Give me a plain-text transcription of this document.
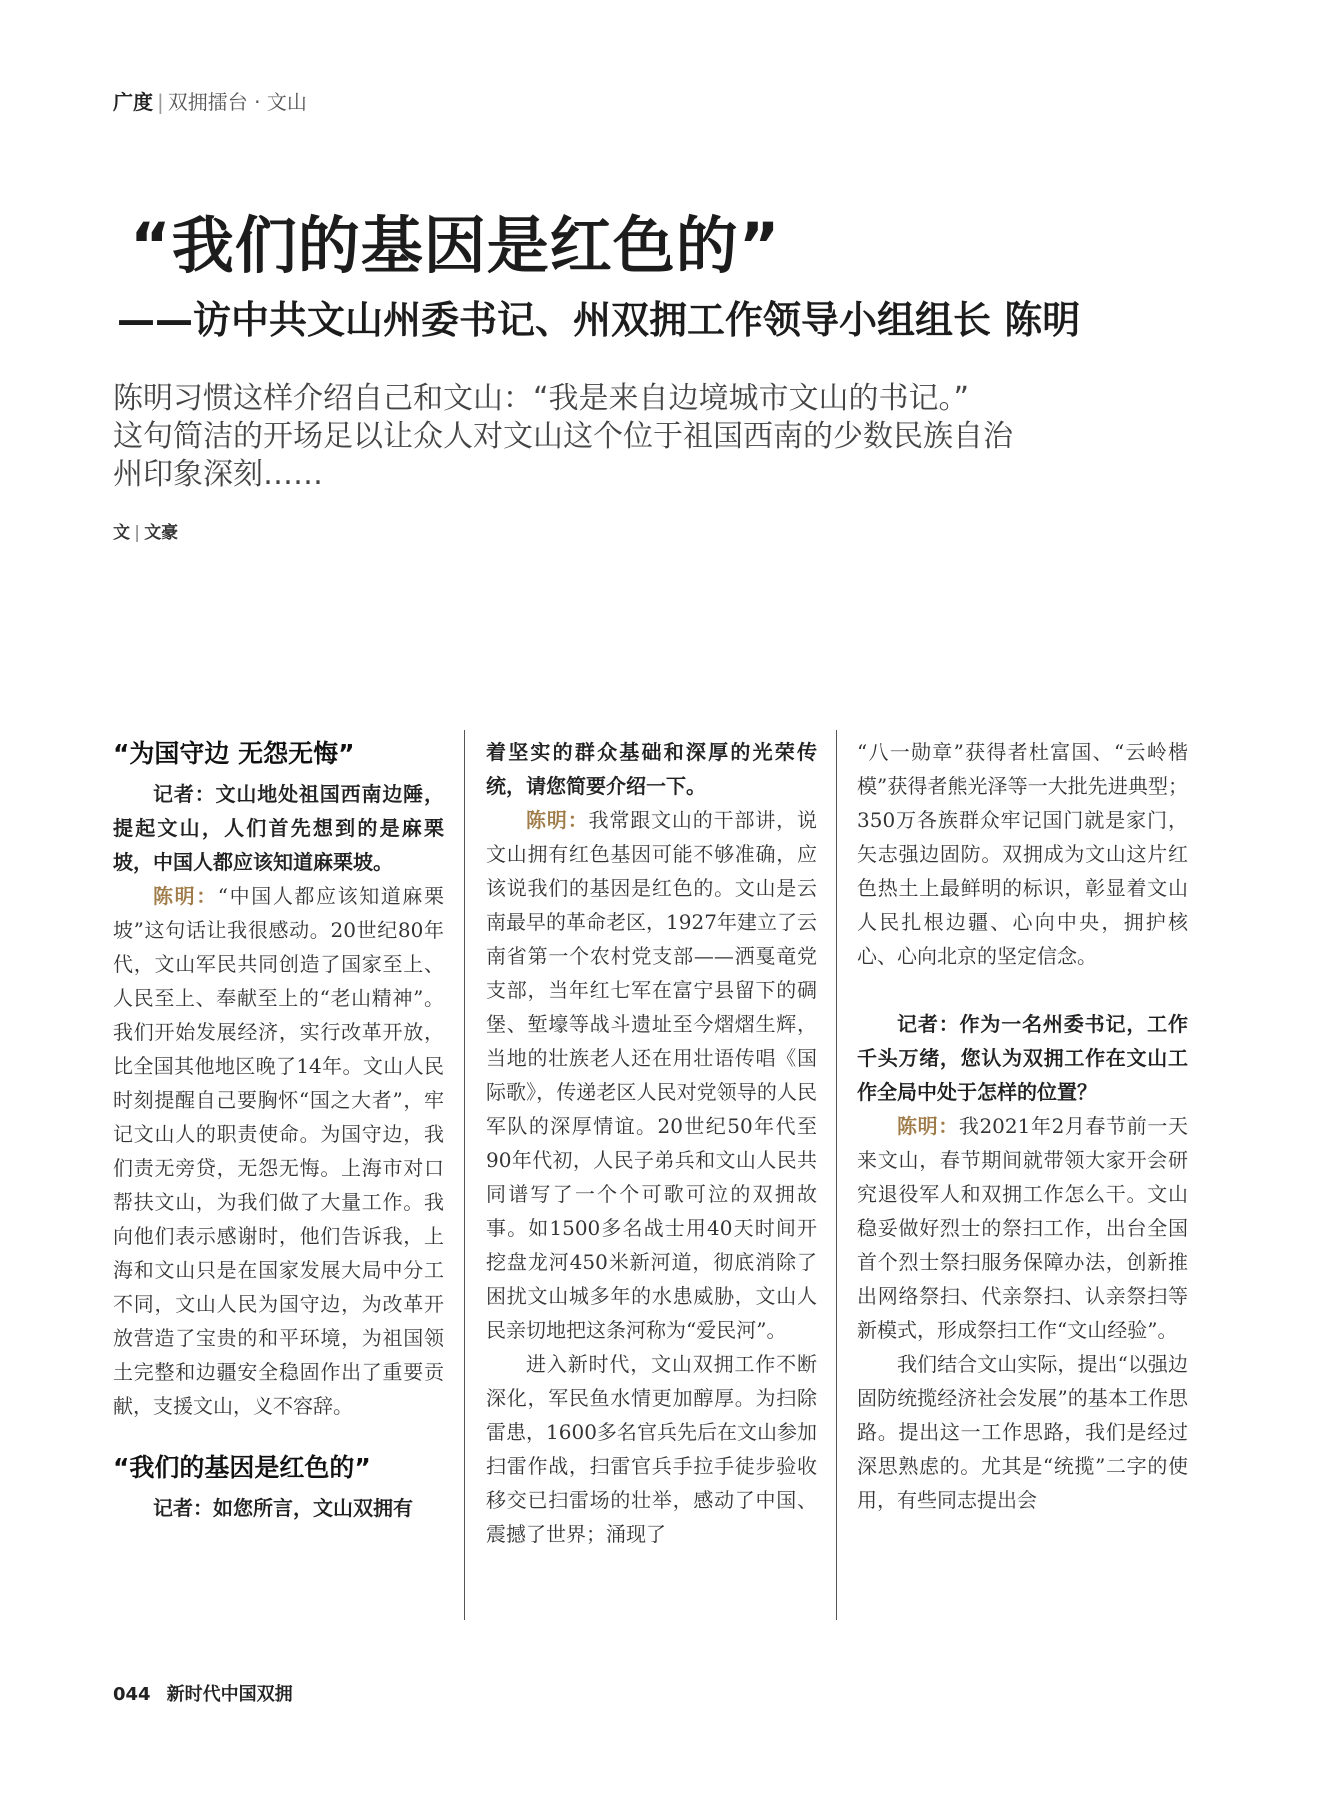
广度 | 双拥擂台 · 文山
“我们的基因是红色的”
——访中共文山州委书记、州双拥工作领导小组组长 陈明

陈明习惯这样介绍自己和文山：“我是来自边境城市文山的书记。”

这句简洁的开场足以让众人对文山这个位于祖国西南的少数民族自治

州印象深刻……

文 | 文豪
“为国守边 无怨无悔”

记者：文山地处祖国西南边陲，提起文山，人们首先想到的是麻栗坡，中国人都应该知道麻栗坡。

陈明：“中国人都应该知道麻栗坡”这句话让我很感动。20世纪80年代，文山军民共同创造了国家至上、人民至上、奉献至上的“老山精神”。我们开始发展经济，实行改革开放，比全国其他地区晚了14年。文山人民时刻提醒自己要胸怀“国之大者”，牢记文山人的职责使命。为国守边，我们责无旁贷，无怨无悔。上海市对口帮扶文山，为我们做了大量工作。我向他们表示感谢时，他们告诉我，上海和文山只是在国家发展大局中分工不同，文山人民为国守边，为改革开放营造了宝贵的和平环境，为祖国领土完整和边疆安全稳固作出了重要贡献，支援文山，义不容辞。

“我们的基因是红色的”

记者：如您所言，文山双拥有

着坚实的群众基础和深厚的光荣传统，请您简要介绍一下。

陈明：我常跟文山的干部讲，说文山拥有红色基因可能不够准确，应该说我们的基因是红色的。文山是云南最早的革命老区，1927年建立了云南省第一个农村党支部——洒戛竜党支部，当年红七军在富宁县留下的碉堡、堑壕等战斗遗址至今熠熠生辉，当地的壮族老人还在用壮语传唱《国际歌》，传递老区人民对党领导的人民军队的深厚情谊。20世纪50年代至90年代初，人民子弟兵和文山人民共同谱写了一个个可歌可泣的双拥故事。如1500多名战士用40天时间开挖盘龙河450米新河道，彻底消除了困扰文山城多年的水患威胁，文山人民亲切地把这条河称为“爱民河”。

进入新时代，文山双拥工作不断深化，军民鱼水情更加醇厚。为扫除雷患，1600多名官兵先后在文山参加扫雷作战，扫雷官兵手拉手徒步验收移交已扫雷场的壮举，感动了中国、震撼了世界；涌现了

“八一勋章”获得者杜富国、“云岭楷模”获得者熊光泽等一大批先进典型；350万各族群众牢记国门就是家门，矢志强边固防。双拥成为文山这片红色热土上最鲜明的标识，彰显着文山人民扎根边疆、心向中央，拥护核心、心向北京的坚定信念。

记者：作为一名州委书记，工作千头万绪，您认为双拥工作在文山工作全局中处于怎样的位置？

陈明：我2021年2月春节前一天来文山，春节期间就带领大家开会研究退役军人和双拥工作怎么干。文山稳妥做好烈士的祭扫工作，出台全国首个烈士祭扫服务保障办法，创新推出网络祭扫、代亲祭扫、认亲祭扫等新模式，形成祭扫工作“文山经验”。

我们结合文山实际，提出“以强边固防统揽经济社会发展”的基本工作思路。提出这一工作思路，我们是经过深思熟虑的。尤其是“统揽”二字的使用，有些同志提出会

044 新时代中国双拥
